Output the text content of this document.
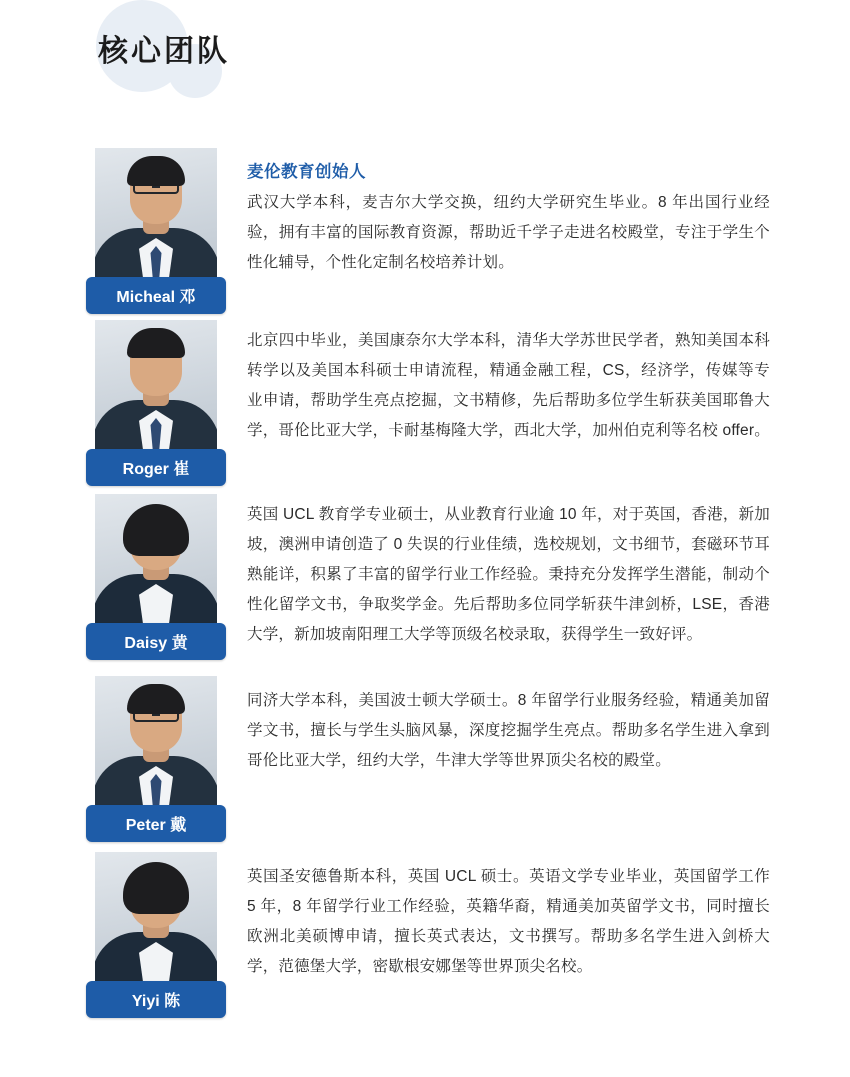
核心团队
Micheal 邓

麦伦教育创始人

武汉大学本科，麦吉尔大学交换，纽约大学研究生毕业。8 年出国行业经验，拥有丰富的国际教育资源，帮助近千学子走进名校殿堂，专注于学生个性化辅导，个性化定制名校培养计划。

Roger 崔

北京四中毕业，美国康奈尔大学本科，清华大学苏世民学者，熟知美国本科转学以及美国本科硕士申请流程，精通金融工程，CS，经济学，传媒等专业申请，帮助学生亮点挖掘，文书精修，先后帮助多位学生斩获美国耶鲁大学，哥伦比亚大学，卡耐基梅隆大学，西北大学，加州伯克利等名校 offer。

Daisy 黄

英国 UCL 教育学专业硕士，从业教育行业逾 10 年，对于英国，香港，新加坡，澳洲申请创造了 0 失误的行业佳绩，选校规划，文书细节，套磁环节耳熟能详，积累了丰富的留学行业工作经验。秉持充分发挥学生潜能，制动个性化留学文书，争取奖学金。先后帮助多位同学斩获牛津剑桥，LSE，香港大学，新加坡南阳理工大学等顶级名校录取，获得学生一致好评。

Peter 戴

同济大学本科，美国波士顿大学硕士。8 年留学行业服务经验，精通美加留学文书，擅长与学生头脑风暴，深度挖掘学生亮点。帮助多名学生进入拿到哥伦比亚大学，纽约大学，牛津大学等世界顶尖名校的殿堂。

Yiyi 陈

英国圣安德鲁斯本科，英国 UCL 硕士。英语文学专业毕业，英国留学工作 5 年，8 年留学行业工作经验，英籍华裔，精通美加英留学文书，同时擅长欧洲北美硕博申请，擅长英式表达，文书撰写。帮助多名学生进入剑桥大学，范德堡大学，密歇根安娜堡等世界顶尖名校。
